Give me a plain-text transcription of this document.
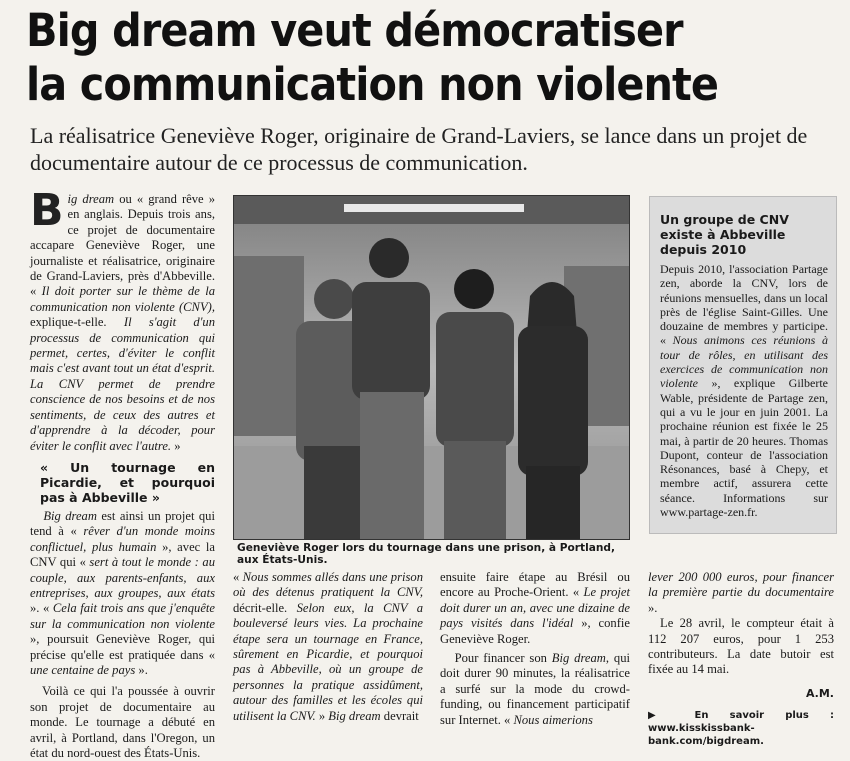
Big dream veut démocratiser
la communication non violente
La réalisatrice Geneviève Roger, originaire de Grand-Laviers, se lance dans un projet de documentaire autour de ce processus de communication.

Big dream ou « grand rêve » en anglais. Depuis trois ans, ce projet de documentaire accapare Geneviève Roger, une journaliste et réalisatrice, originaire de Grand-Laviers, près d'Abbeville. « Il doit porter sur le thème de la communication non violente (CNV), explique-t-elle. Il s'agit d'un processus de communication qui permet, certes, d'éviter le conflit mais c'est avant tout un état d'esprit. La CNV permet de prendre conscience de nos besoins et de nos sentiments, de ceux des autres et d'apprendre à la décoder, pour éviter le conflit avec l'autre. »

« Un tournage en Picardie, et pourquoi pas à Abbeville »

Big dream est ainsi un projet qui tend à « rêver d'un monde moins conflictuel, plus humain », avec la CNV qui « sert à tout le monde : au couple, aux parents-enfants, aux entreprises, aux groupes, aux états ». « Cela fait trois ans que j'enquête sur la communication non violente », poursuit Geneviève Roger, qui précise qu'elle est pratiquée dans « une centaine de pays ».

Voilà ce qui l'a poussée à ouvrir son projet de documentaire au monde. Le tournage a débuté en avril, à Portland, dans l'Oregon, un état du nord-ouest des États-Unis.

Geneviève Roger lors du tournage dans une prison, à Portland, aux États-Unis.
Un groupe de CNV existe à Abbeville depuis 2010
Depuis 2010, l'association Partage zen, aborde la CNV, lors de réunions mensuelles, dans un local près de l'église Saint-Gilles. Une douzaine de membres y participe. « Nous animons ces réunions à tour de rôles, en utilisant des exercices de communication non violente », explique Gilberte Wable, présidente de Partage zen, qui a vu le jour en juin 2001. La prochaine réunion est fixée le 25 mai, à partir de 20 heures. Thomas Dupont, conteur de l'association Résonances, basé à Chepy, et membre actif, assurera cette séance. Informations sur www.partage-zen.fr.
« Nous sommes allés dans une prison où des détenus pratiquent la CNV, décrit-elle. Selon eux, la CNV a bouleversé leurs vies. La prochaine étape sera un tournage en France, sûrement en Picardie, et pourquoi pas à Abbeville, où un groupe de personnes la pratique assidûment, autour des familles et les écoles qui utilisent la CNV. » Big dream devrait

ensuite faire étape au Brésil ou encore au Proche-Orient. « Le projet doit durer un an, avec une dizaine de pays visités dans l'idéal », confie Geneviève Roger.

Pour financer son Big dream, qui doit durer 90 minutes, la réalisatrice a surfé sur la mode du crowd-funding, ou financement participatif sur Internet. « Nous aimerions

lever 200 000 euros, pour financer la première partie du documentaire ».

Le 28 avril, le compteur était à 112 207 euros, pour 1 253 contributeurs. La date butoir est fixée au 14 mai.

A.M.
▶ En savoir plus : www.kisskissbank-bank.com/bigdream.
